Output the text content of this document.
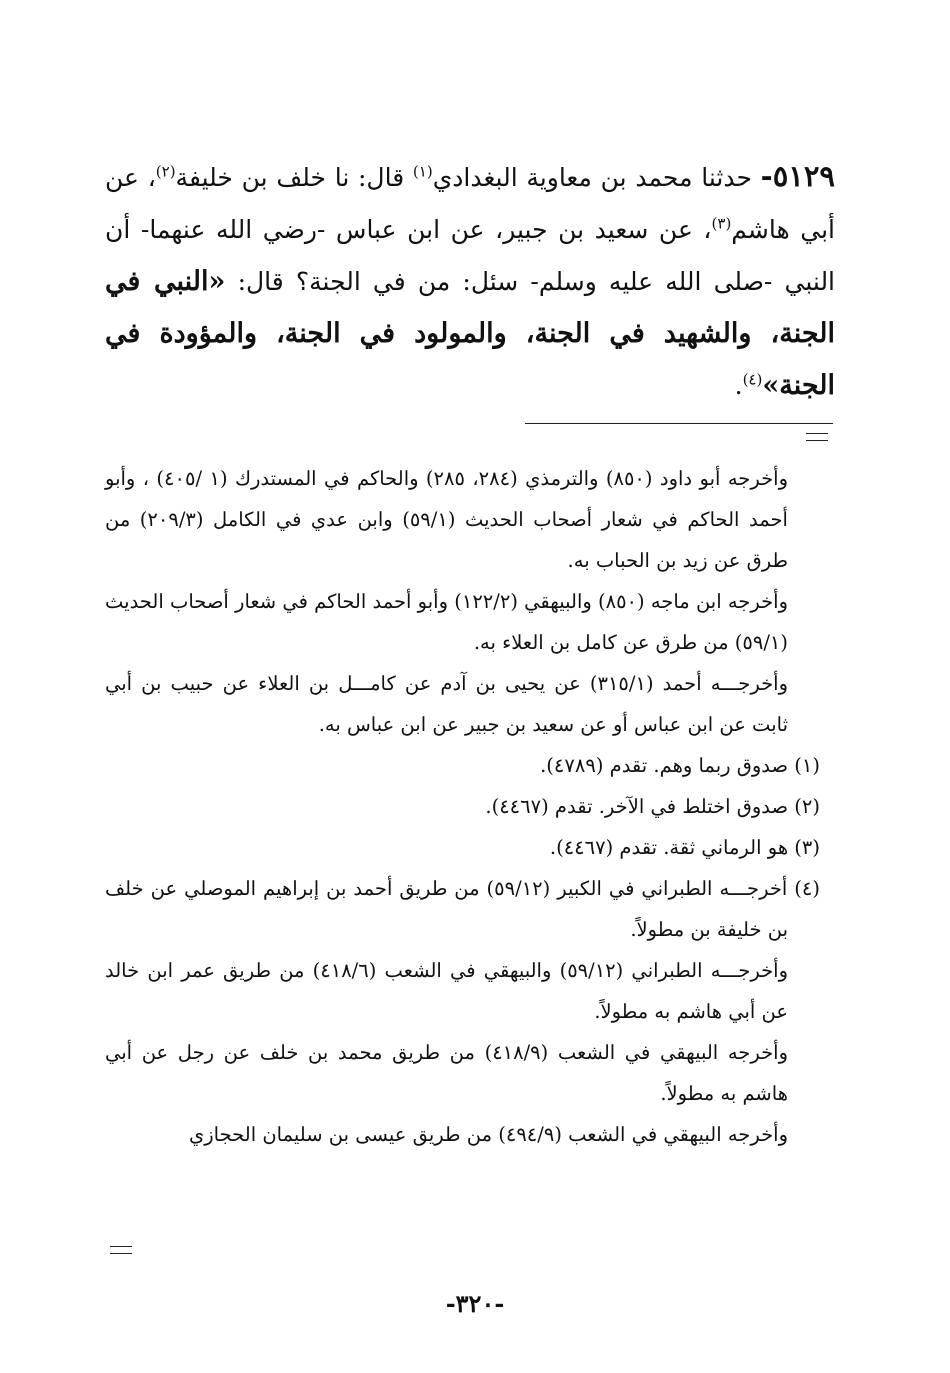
٥١٢٩- حدثنا محمد بن معاوية البغدادي$^{(١)}$ قال: نا خلف بن خليفة$^{(٢)}$، عن أبي هاشم$^{(٣)}$، عن سعيد بن جبير، عن ابن عباس -رضي الله عنهما- أن النبي -صلى الله عليه وسلم- سئل: من في الجنة؟ قال: «النبي في الجنة، والشهيد في الجنة، والمولود في الجنة، والمؤودة في الجنة»$^{(٤)}$.

وأخرجه أبو داود (٨٥٠) والترمذي (٢٨٤، ٢٨٥) والحاكم في المستدرك (١ /٤٠٥) ، وأبو أحمد الحاكم في شعار أصحاب الحديث (٥٩/١) وابن عدي في الكامل (٢٠٩/٣) من طرق عن زيد بن الحباب به.

وأخرجه ابن ماجه (٨٥٠) والبيهقي (١٢٢/٢) وأبو أحمد الحاكم في شعار أصحاب الحديث (٥٩/١) من طرق عن كامل بن العلاء به.

وأخرجـــه أحمد (٣١٥/١) عن يحيى بن آدم عن كامـــل بن العلاء عن حبيب بن أبي ثابت عن ابن عباس أو عن سعيد بن جبير عن ابن عباس به.

(١) صدوق ربما وهم. تقدم (٤٧٨٩).

(٢) صدوق اختلط في الآخر. تقدم (٤٤٦٧).

(٣) هو الرماني ثقة. تقدم (٤٤٦٧).

(٤) أخرجـــه الطبراني في الكبير (٥٩/١٢) من طريق أحمد بن إبراهيم الموصلي عن خلف بن خليفة بن مطولاً.

وأخرجـــه الطبراني (٥٩/١٢) والبيهقي في الشعب (٤١٨/٦) من طريق عمر ابن خالد عن أبي هاشم به مطولاً.

وأخرجه البيهقي في الشعب (٤١٨/٩) من طريق محمد بن خلف عن رجل عن أبي هاشم به مطولاً.

وأخرجه البيهقي في الشعب (٤٩٤/٩) من طريق عيسى بن سليمان الحجازي

-٣٢٠-
